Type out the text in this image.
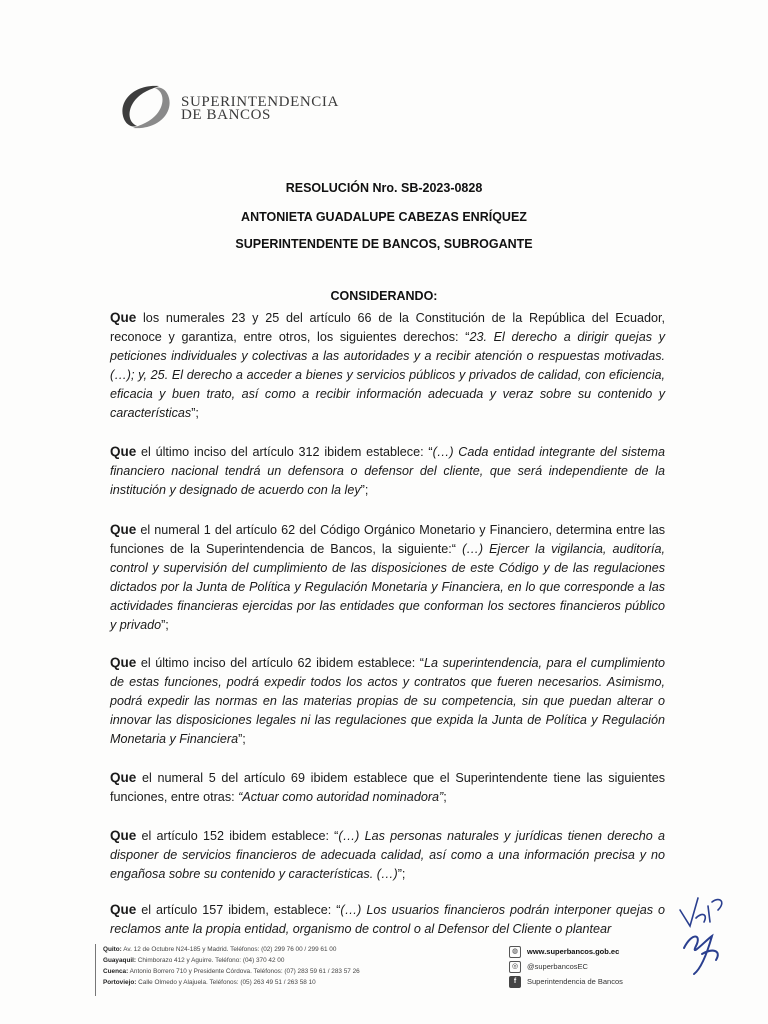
SUPERINTENDENCIA
DE BANCOS
RESOLUCIÓN Nro. SB-2023-0828
ANTONIETA GUADALUPE CABEZAS ENRÍQUEZ
SUPERINTENDENTE DE BANCOS, SUBROGANTE
CONSIDERANDO:

Que los numerales 23 y 25 del artículo 66 de la Constitución de la República del Ecuador, reconoce y garantiza, entre otros, los siguientes derechos: “23. El derecho a dirigir quejas y peticiones individuales y colectivas a las autoridades y a recibir atención o respuestas motivadas. (…); y, 25. El derecho a acceder a bienes y servicios públicos y privados de calidad, con eficiencia, eficacia y buen trato, así como a recibir información adecuada y veraz sobre su contenido y características”;

Que el último inciso del artículo 312 ibidem establece: “(…) Cada entidad integrante del sistema financiero nacional tendrá un defensora o defensor del cliente, que será independiente de la institución y designado de acuerdo con la ley”;

Que el numeral 1 del artículo 62 del Código Orgánico Monetario y Financiero, determina entre las funciones de la Superintendencia de Bancos, la siguiente:“ (…) Ejercer la vigilancia, auditoría, control y supervisión del cumplimiento de las disposiciones de este Código y de las regulaciones dictados por la Junta de Política y Regulación Monetaria y Financiera, en lo que corresponde a las actividades financieras ejercidas por las entidades que conforman los sectores financieros público y privado”;

Que el último inciso del artículo 62 ibidem establece: “La superintendencia, para el cumplimiento de estas funciones, podrá expedir todos los actos y contratos que fueren necesarios. Asimismo, podrá expedir las normas en las materias propias de su competencia, sin que puedan alterar o innovar las disposiciones legales ni las regulaciones que expida la Junta de Política y Regulación Monetaria y Financiera”;

Que el numeral 5 del artículo 69 ibidem establece que el Superintendente tiene las siguientes funciones, entre otras: “Actuar como autoridad nominadora”;

Que el artículo 152 ibidem establece: “(…) Las personas naturales y jurídicas tienen derecho a disponer de servicios financieros de adecuada calidad, así como a una información precisa y no engañosa sobre su contenido y características. (…)”;

Que el artículo 157 ibidem, establece: “(…) Los usuarios financieros podrán interponer quejas o reclamos ante la propia entidad, organismo de control o al Defensor del Cliente o plantear

Quito: Av. 12 de Octubre N24-185 y Madrid. Teléfonos: (02) 299 76 00 / 299 61 00
Guayaquil: Chimborazo 412 y Aguirre. Teléfono: (04) 370 42 00
Cuenca: Antonio Borrero 710 y Presidente Córdova. Teléfonos: (07) 283 59 61 / 283 57 26
Portoviejo: Calle Olmedo y Alajuela. Teléfonos: (05) 263 49 51 / 263 58 10
◍	www.superbancos.gob.ec
◎	@superbancosEC
f	Superintendencia de Bancos
